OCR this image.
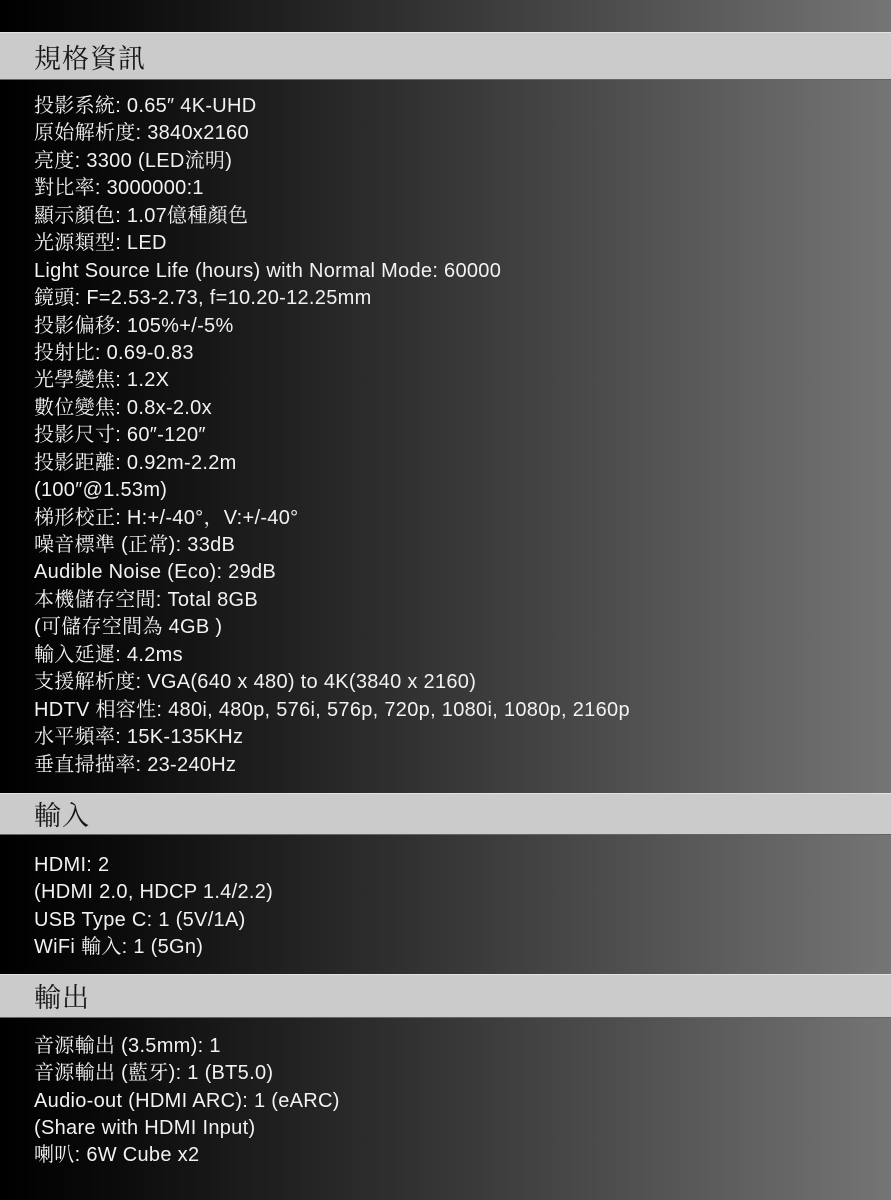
規格資訊
投影系統: 0.65″ 4K-UHD
原始解析度: 3840x2160
亮度: 3300 (LED流明)
對比率: 3000000:1
顯示顏色: 1.07億種顏色
光源類型: LED
Light Source Life (hours) with Normal Mode: 60000
鏡頭: F=2.53-2.73, f=10.20-12.25mm
投影偏移: 105%+/-5%
投射比: 0.69-0.83
光學變焦: 1.2X
數位變焦: 0.8x-2.0x
投影尺寸: 60″-120″
投影距離: 0.92m-2.2m
(100″@1.53m)
梯形校正: H:+/-40°，V:+/-40°
噪音標準 (正常): 33dB
Audible Noise (Eco): 29dB
本機儲存空間: Total 8GB
(可儲存空間為 4GB )
輸入延遲: 4.2ms
支援解析度: VGA(640 x 480) to 4K(3840 x 2160)
HDTV 相容性: 480i, 480p, 576i, 576p, 720p, 1080i, 1080p, 2160p
水平頻率: 15K-135KHz
垂直掃描率: 23-240Hz
輸入
HDMI: 2
(HDMI 2.0, HDCP 1.4/2.2)
USB Type C: 1 (5V/1A)
WiFi 輸入: 1 (5Gn)
輸出
音源輸出 (3.5mm): 1
音源輸出 (藍牙): 1 (BT5.0)
Audio-out (HDMI ARC): 1 (eARC)
(Share with HDMI Input)
喇叭: 6W Cube x2
